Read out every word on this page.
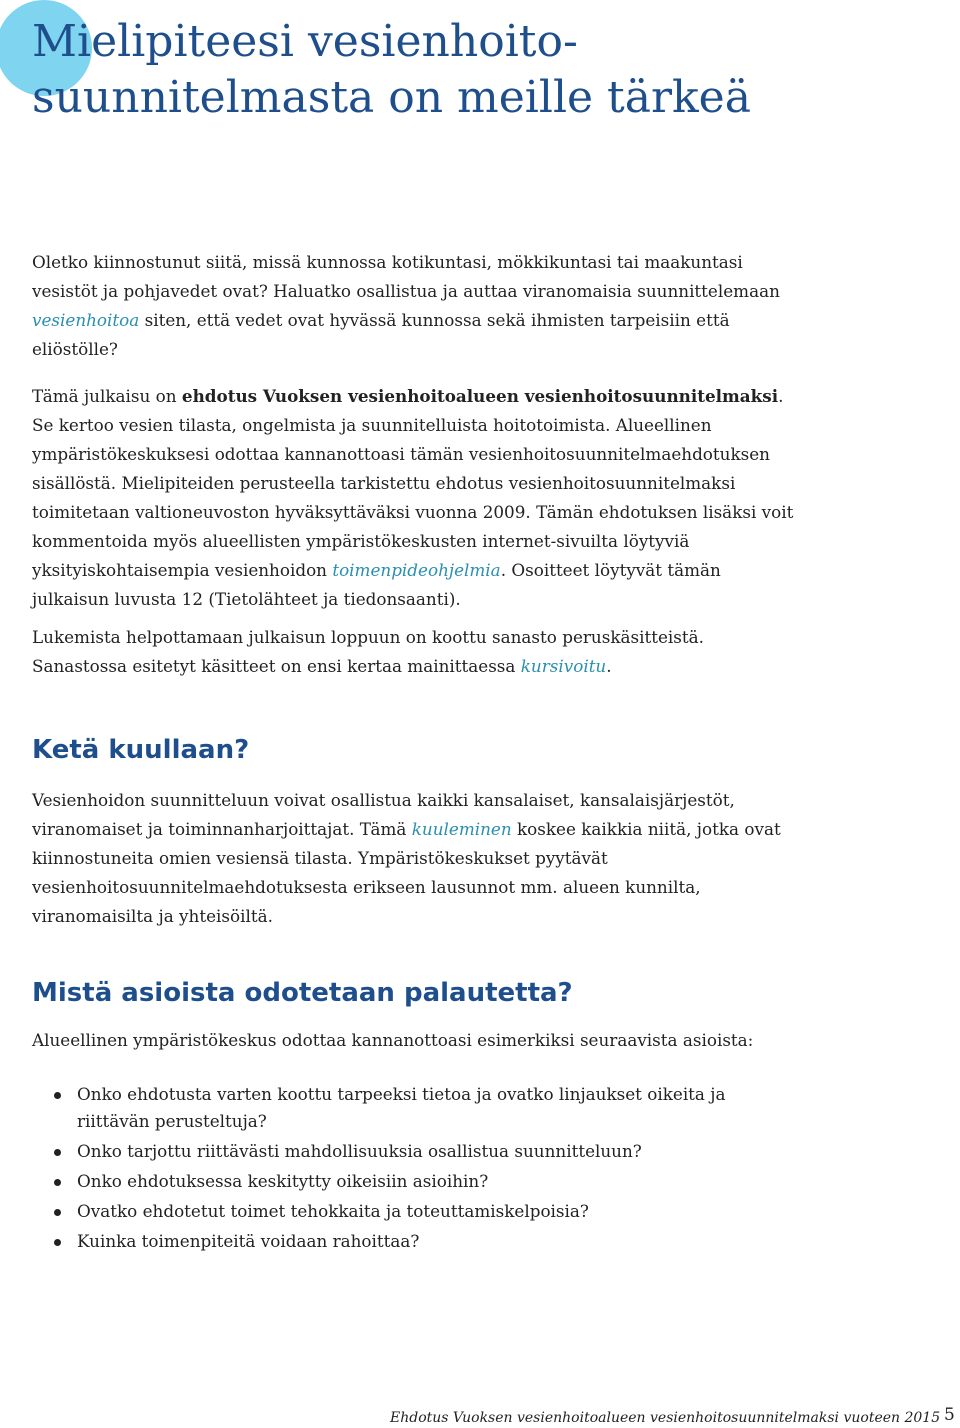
Mielipiteesi vesienhoito-
suunnitelmasta on meille tärkeä

Oletko kiinnostunut siitä, missä kunnossa kotikuntasi, mökkikuntasi tai maakuntasi vesistöt ja pohjavedet ovat? Haluatko osallistua ja auttaa viranomaisia suunnittelemaan vesienhoitoa siten, että vedet ovat hyvässä kunnossa sekä ihmisten tarpeisiin että eliöstölle?

Tämä julkaisu on ehdotus Vuoksen vesienhoitoalueen vesienhoitosuunnitelmaksi. Se kertoo vesien tilasta, ongelmista ja suunnitelluista hoitotoimista. Alueellinen ympäristökeskuksesi odottaa kannanottoasi tämän vesienhoitosuunnitelmaehdotuksen sisällöstä. Mielipiteiden perusteella tarkistettu ehdotus vesienhoitosuunnitelmaksi toimitetaan valtioneuvoston hyväksyttäväksi vuonna 2009. Tämän ehdotuksen lisäksi voit kommentoida myös alueellisten ympäristökeskusten internet-sivuilta löytyviä yksityiskohtaisempia vesienhoidon toimenpideohjelmia. Osoitteet löytyvät tämän julkaisun luvusta 12 (Tietolähteet ja tiedonsaanti).

Lukemista helpottamaan julkaisun loppuun on koottu sanasto peruskäsitteistä. Sanastossa esitetyt käsitteet on ensi kertaa mainittaessa kursivoitu.

Ketä kuullaan?

Vesienhoidon suunnitteluun voivat osallistua kaikki kansalaiset, kansalaisjärjestöt, viranomaiset ja toiminnanharjoittajat. Tämä kuuleminen koskee kaikkia niitä, jotka ovat kiinnostuneita omien vesiensä tilasta. Ympäristökeskukset pyytävät vesienhoitosuunnitelmaehdotuksesta erikseen lausunnot mm. alueen kunnilta, viranomaisilta ja yhteisöiltä.

Mistä asioista odotetaan palautetta?

Alueellinen ympäristökeskus odottaa kannanottoasi esimerkiksi seuraavista asioista:

Onko ehdotusta varten koottu tarpeeksi tietoa ja ovatko linjaukset oikeita ja riittävän perusteltuja?
Onko tarjottu riittävästi mahdollisuuksia osallistua suunnitteluun?
Onko ehdotuksessa keskitytty oikeisiin asioihin?
Ovatko ehdotetut toimet tehokkaita ja toteuttamiskelpoisia?
Kuinka toimenpiteitä voidaan rahoittaa?
Ehdotus Vuoksen vesienhoitoalueen vesienhoitosuunnitelmaksi vuoteen 2015 5
